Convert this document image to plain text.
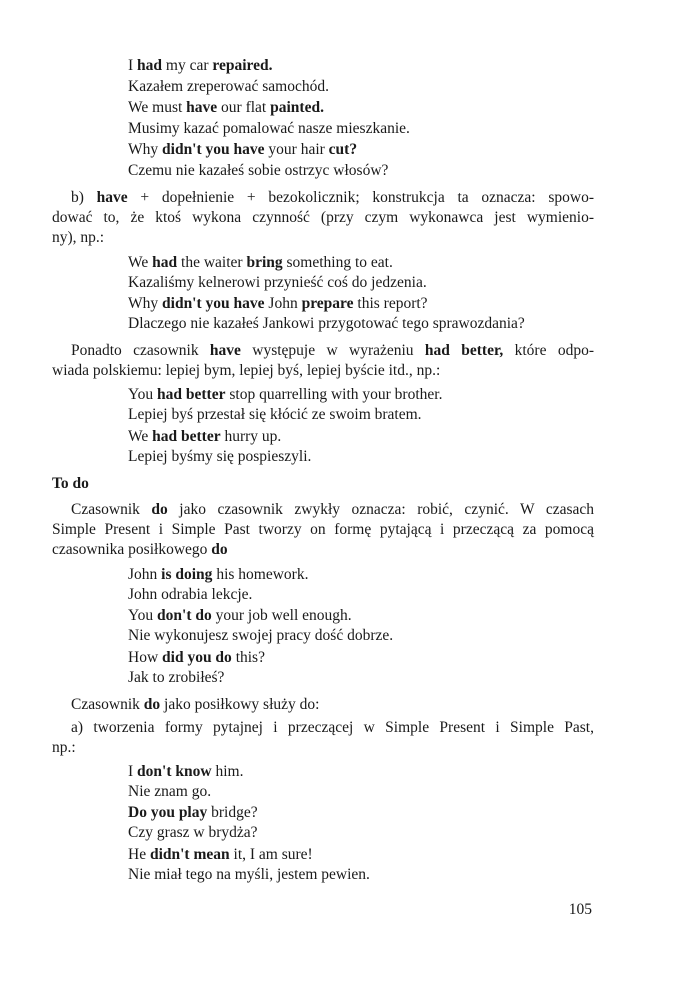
I had my car repaired.
Kazałem zreperować samochód.
We must have our flat painted.
Musimy kazać pomalować nasze mieszkanie.
Why didn't you have your hair cut?
Czemu nie kazałeś sobie ostrzyc włosów?
b) have + dopełnienie + bezokolicznik; konstrukcja ta oznacza: spowo-
dować to, że ktoś wykona czynność (przy czym wykonawca jest wymienio-
ny), np.:
We had the waiter bring something to eat.
Kazaliśmy kelnerowi przynieść coś do jedzenia.
Why didn't you have John prepare this report?
Dlaczego nie kazałeś Jankowi przygotować tego sprawozdania?
Ponadto czasownik have występuje w wyrażeniu had better, które odpo-
wiada polskiemu: lepiej bym, lepiej byś, lepiej byście itd., np.:
You had better stop quarrelling with your brother.
Lepiej byś przestał się kłócić ze swoim bratem.
We had better hurry up.
Lepiej byśmy się pospieszyli.
To do
Czasownik do jako czasownik zwykły oznacza: robić, czynić. W czasach
Simple Present i Simple Past tworzy on formę pytającą i przeczącą za pomocą
czasownika posiłkowego do
John is doing his homework.
John odrabia lekcje.
You don't do your job well enough.
Nie wykonujesz swojej pracy dość dobrze.
How did you do this?
Jak to zrobiłeś?
Czasownik do jako posiłkowy służy do:
a) tworzenia formy pytajnej i przeczącej w Simple Present i Simple Past,
np.:
I don't know him.
Nie znam go.
Do you play bridge?
Czy grasz w brydża?
He didn't mean it, I am sure!
Nie miał tego na myśli, jestem pewien.
105
